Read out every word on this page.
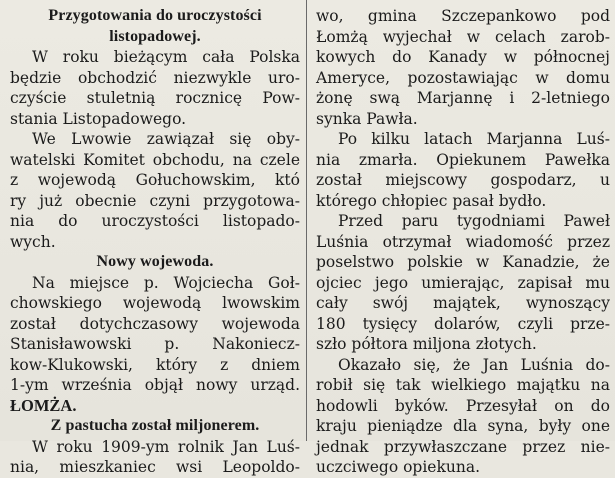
Przygotowania do uroczystości
listopadowej.
W roku bieżącym cała Polska
będzie obchodzić niezwykle uro-
czyście stuletnią rocznicę Pow-
stania Listopadowego.
We Lwowie zawiązał się oby-
watelski Komitet obchodu, na czele
z wojewodą Gołuchowskim, któ
ry już obecnie czyni przygotowa-
nia do uroczystości listopado-
wych.
Nowy wojewoda.
Na miejsce p. Wojciecha Goł-
chowskiego wojewodą lwowskim
został dotychczasowy wojewoda
Stanisławowski p. Nakoniecz-
kow-Klukowski, który z dniem
1-ym września objął nowy urząd.
ŁOMŻA.
Z pastucha został miljonerem.
W roku 1909-ym rolnik Jan Luś-
nia, mieszkaniec wsi Leopoldo-
wo, gmina Szczepankowo pod
Łomżą wyjechał w celach zarob-
kowych do Kanady w północnej
Ameryce, pozostawiając w domu
żonę swą Marjannę i 2-letniego
synka Pawła.
Po kilku latach Marjanna Luś-
nia zmarła. Opiekunem Pawełka
został miejscowy gospodarz, u
którego chłopiec pasał bydło.
Przed paru tygodniami Paweł
Luśnia otrzymał wiadomość przez
poselstwo polskie w Kanadzie, że
ojciec jego umierając, zapisał mu
cały swój majątek, wynoszący
180 tysięcy dolarów, czyli prze-
szło półtora miljona złotych.
Okazało się, że Jan Luśnia do-
robił się tak wielkiego majątku na
hodowli byków. Przesyłał on do
kraju pieniądze dla syna, były one
jednak przywłaszczane przez nie-
uczciwego opiekuna.
